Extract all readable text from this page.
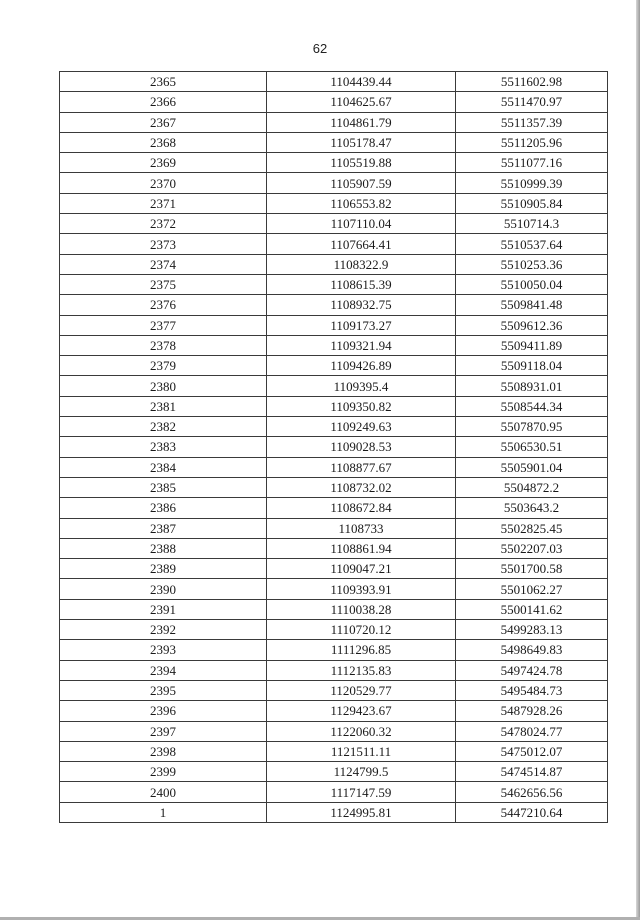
62
2365	1104439.44	5511602.98
2366	1104625.67	5511470.97
2367	1104861.79	5511357.39
2368	1105178.47	5511205.96
2369	1105519.88	5511077.16
2370	1105907.59	5510999.39
2371	1106553.82	5510905.84
2372	1107110.04	5510714.3
2373	1107664.41	5510537.64
2374	1108322.9	5510253.36
2375	1108615.39	5510050.04
2376	1108932.75	5509841.48
2377	1109173.27	5509612.36
2378	1109321.94	5509411.89
2379	1109426.89	5509118.04
2380	1109395.4	5508931.01
2381	1109350.82	5508544.34
2382	1109249.63	5507870.95
2383	1109028.53	5506530.51
2384	1108877.67	5505901.04
2385	1108732.02	5504872.2
2386	1108672.84	5503643.2
2387	1108733	5502825.45
2388	1108861.94	5502207.03
2389	1109047.21	5501700.58
2390	1109393.91	5501062.27
2391	1110038.28	5500141.62
2392	1110720.12	5499283.13
2393	1111296.85	5498649.83
2394	1112135.83	5497424.78
2395	1120529.77	5495484.73
2396	1129423.67	5487928.26
2397	1122060.32	5478024.77
2398	1121511.11	5475012.07
2399	1124799.5	5474514.87
2400	1117147.59	5462656.56
1	1124995.81	5447210.64
